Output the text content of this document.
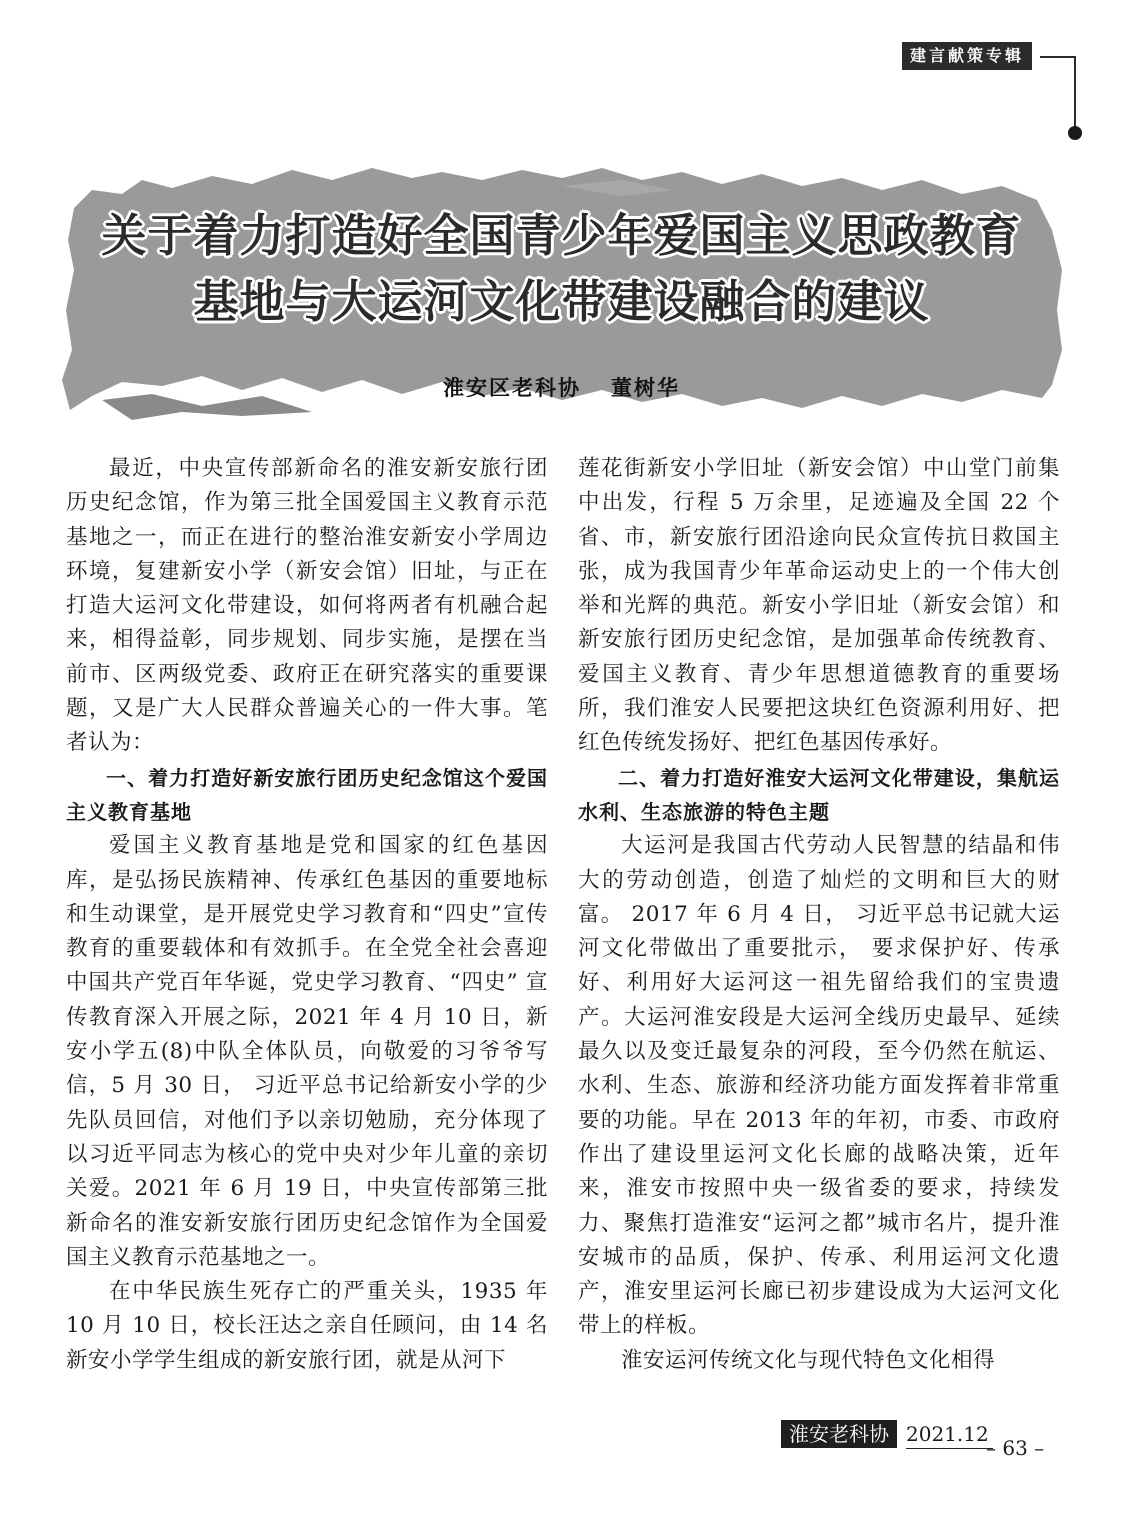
建言献策专辑
关于着力打造好全国青少年爱国主义思政教育
基地与大运河文化带建设融合的建议
淮安区老科协 董树华

最近，中央宣传部新命名的淮安新安旅行团历史纪念馆，作为第三批全国爱国主义教育示范基地之一，而正在进行的整治淮安新安小学周边环境，复建新安小学（新安会馆）旧址，与正在打造大运河文化带建设，如何将两者有机融合起来，相得益彰，同步规划、同步实施，是摆在当前市、区两级党委、政府正在研究落实的重要课题，又是广大人民群众普遍关心的一件大事。笔者认为：

一、着力打造好新安旅行团历史纪念馆这个爱国主义教育基地

爱国主义教育基地是党和国家的红色基因库，是弘扬民族精神、传承红色基因的重要地标和生动课堂，是开展党史学习教育和“四史”宣传教育的重要载体和有效抓手。在全党全社会喜迎中国共产党百年华诞，党史学习教育、“四史” 宣传教育深入开展之际，2021 年 4 月 10 日，新安小学五(8)中队全体队员，向敬爱的习爷爷写信，5 月 30 日， 习近平总书记给新安小学的少先队员回信，对他们予以亲切勉励，充分体现了以习近平同志为核心的党中央对少年儿童的亲切关爱。2021 年 6 月 19 日，中央宣传部第三批新命名的淮安新安旅行团历史纪念馆作为全国爱国主义教育示范基地之一。

在中华民族生死存亡的严重关头，1935 年 10 月 10 日，校长汪达之亲自任顾问，由 14 名新安小学学生组成的新安旅行团，就是从河下

莲花街新安小学旧址（新安会馆）中山堂门前集中出发，行程 5 万余里，足迹遍及全国 22 个省、市，新安旅行团沿途向民众宣传抗日救国主张，成为我国青少年革命运动史上的一个伟大创举和光辉的典范。新安小学旧址（新安会馆）和新安旅行团历史纪念馆，是加强革命传统教育、爱国主义教育、青少年思想道德教育的重要场所，我们淮安人民要把这块红色资源利用好、把红色传统发扬好、把红色基因传承好。

二、着力打造好淮安大运河文化带建设，集航运水利、生态旅游的特色主题

大运河是我国古代劳动人民智慧的结晶和伟大的劳动创造，创造了灿烂的文明和巨大的财富。 2017 年 6 月 4 日， 习近平总书记就大运河文化带做出了重要批示， 要求保护好、传承好、利用好大运河这一祖先留给我们的宝贵遗产。大运河淮安段是大运河全线历史最早、延续最久以及变迁最复杂的河段，至今仍然在航运、水利、生态、旅游和经济功能方面发挥着非常重要的功能。早在 2013 年的年初，市委、市政府作出了建设里运河文化长廊的战略决策，近年来，淮安市按照中央一级省委的要求，持续发力、聚焦打造淮安“运河之都”城市名片，提升淮安城市的品质，保护、传承、利用运河文化遗产，淮安里运河长廊已初步建设成为大运河文化带上的样板。

淮安运河传统文化与现代特色文化相得

淮安老科协 2021.12
– 63 –
